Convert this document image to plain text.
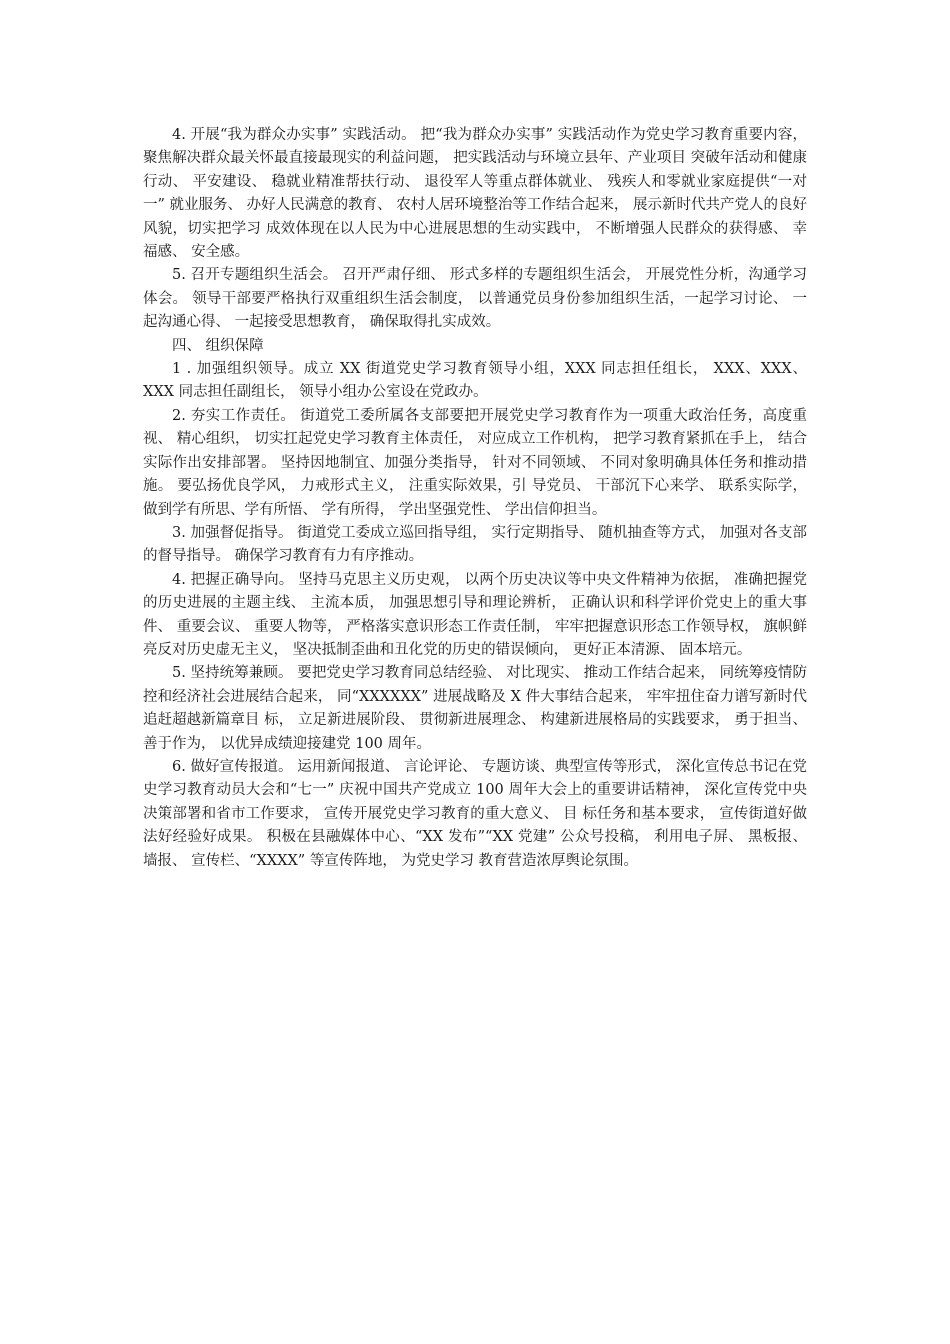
4. 开展“我为群众办实事” 实践活动。 把“我为群众办实事” 实践活动作为党史学习教育重要内容， 聚焦解决群众最关怀最直接最现实的利益问题， 把实践活动与环境立县年、产业项目 突破年活动和健康行动、 平安建设、 稳就业精准帮扶行动、 退役军人等重点群体就业、 残疾人和零就业家庭提供“一对一” 就业服务、 办好人民满意的教育、 农村人居环境整治等工作结合起来， 展示新时代共产党人的良好风貌，切实把学习 成效体现在以人民为中心进展思想的生动实践中， 不断增强人民群众的获得感、 幸福感、 安全感。

5. 召开专题组织生活会。 召开严肃仔细、 形式多样的专题组织生活会， 开展党性分析，沟通学习体会。 领导干部要严格执行双重组织生活会制度， 以普通党员身份参加组织生活，一起学习讨论、 一起沟通心得、 一起接受思想教育， 确保取得扎实成效。

四、 组织保障

1 . 加强组织领导。成立 XX 街道党史学习教育领导小组，XXX 同志担任组长， XXX、XXX、 XXX 同志担任副组长， 领导小组办公室设在党政办。

2. 夯实工作责任。 街道党工委所属各支部要把开展党史学习教育作为一项重大政治任务，高度重视、 精心组织， 切实扛起党史学习教育主体责任， 对应成立工作机构， 把学习教育紧抓在手上， 结合实际作出安排部署。 坚持因地制宜、加强分类指导， 针对不同领域、 不同对象明确具体任务和推动措施。 要弘扬优良学风， 力戒形式主义， 注重实际效果，引 导党员、 干部沉下心来学、 联系实际学， 做到学有所思、学有所悟、 学有所得， 学出坚强党性、 学出信仰担当。

3. 加强督促指导。 街道党工委成立巡回指导组， 实行定期指导、 随机抽查等方式， 加强对各支部的督导指导。 确保学习教育有力有序推动。

4. 把握正确导向。 坚持马克思主义历史观， 以两个历史决议等中央文件精神为依据， 准确把握党的历史进展的主题主线、 主流本质， 加强思想引导和理论辨析， 正确认识和科学评价党史上的重大事件、 重要会议、 重要人物等， 严格落实意识形态工作责任制， 牢牢把握意识形态工作领导权， 旗帜鲜亮反对历史虚无主义， 坚决抵制歪曲和丑化党的历史的错误倾向， 更好正本清源、 固本培元。

5. 坚持统筹兼顾。 要把党史学习教育同总结经验、 对比现实、 推动工作结合起来， 同统筹疫情防控和经济社会进展结合起来， 同“XXXXXX” 进展战略及 X 件大事结合起来， 牢牢扭住奋力谱写新时代追赶超越新篇章目 标， 立足新进展阶段、 贯彻新进展理念、 构建新进展格局的实践要求， 勇于担当、 善于作为， 以优异成绩迎接建党 100 周年。

6. 做好宣传报道。 运用新闻报道、 言论评论、 专题访谈、典型宣传等形式， 深化宣传总书记在党史学习教育动员大会和“七一” 庆祝中国共产党成立 100 周年大会上的重要讲话精神， 深化宣传党中央决策部署和省市工作要求， 宣传开展党史学习教育的重大意义、 目 标任务和基本要求， 宣传街道好做法好经验好成果。 积极在县融媒体中心、“XX 发布”“XX 党建” 公众号投稿， 利用电子屏、 黑板报、 墙报、 宣传栏、“XXXX” 等宣传阵地， 为党史学习 教育营造浓厚舆论氛围。
